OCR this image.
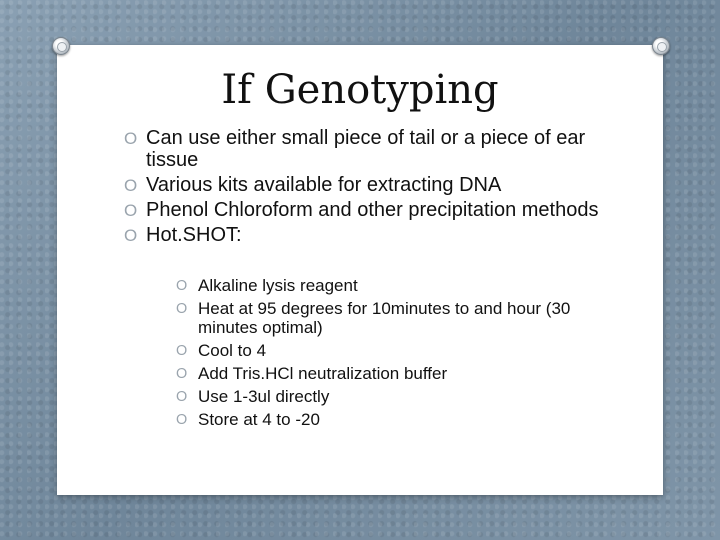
If Genotyping
O Can use either small piece of tail or a piece of ear tissue
O Various kits available for extracting DNA
O Phenol Chloroform and other precipitation methods
O Hot.SHOT:
O Alkaline lysis reagent
O Heat at 95 degrees for 10minutes to and hour (30 minutes optimal)
O Cool to 4
O Add Tris.HCl neutralization buffer
O Use 1-3ul directly
O Store at 4 to -20
